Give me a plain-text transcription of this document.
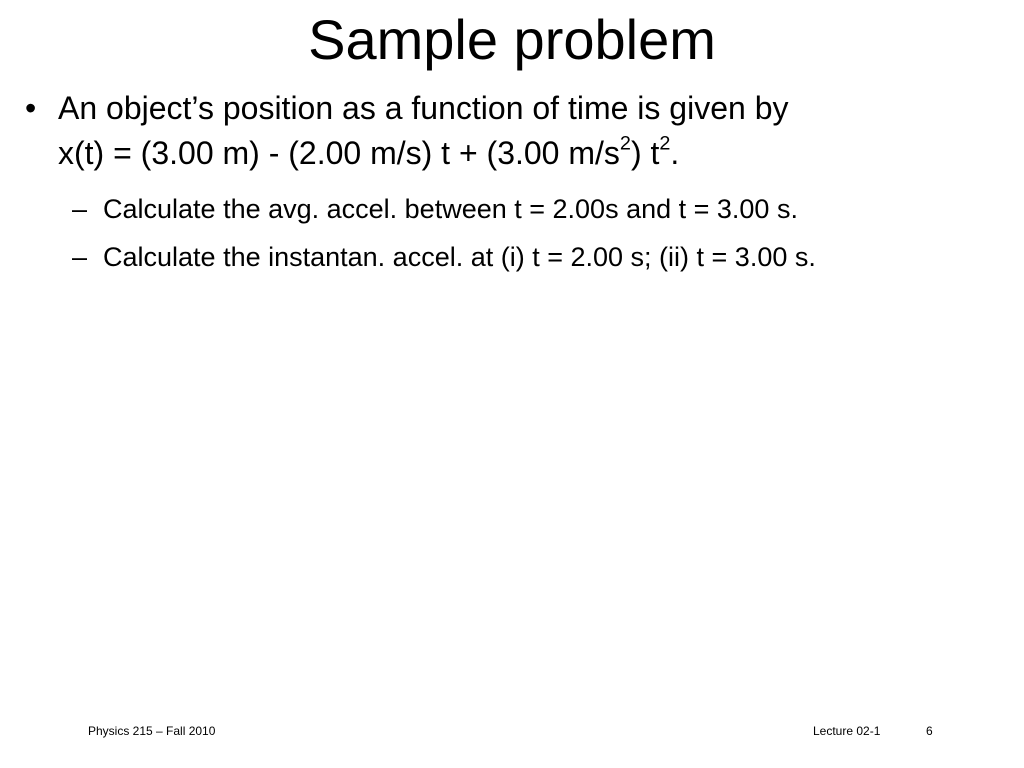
Sample problem
• An object’s position as a function of time is given by
x(t) = (3.00 m) - (2.00 m/s) t + (3.00 $m/s^2$) $t^2$.
– Calculate the avg. accel. between t = 2.00s and t = 3.00 s.
– Calculate the instantan. accel. at (i) t = 2.00 s; (ii) t = 3.00 s.
Physics 215 – Fall 2010	Lecture 02-1	6
